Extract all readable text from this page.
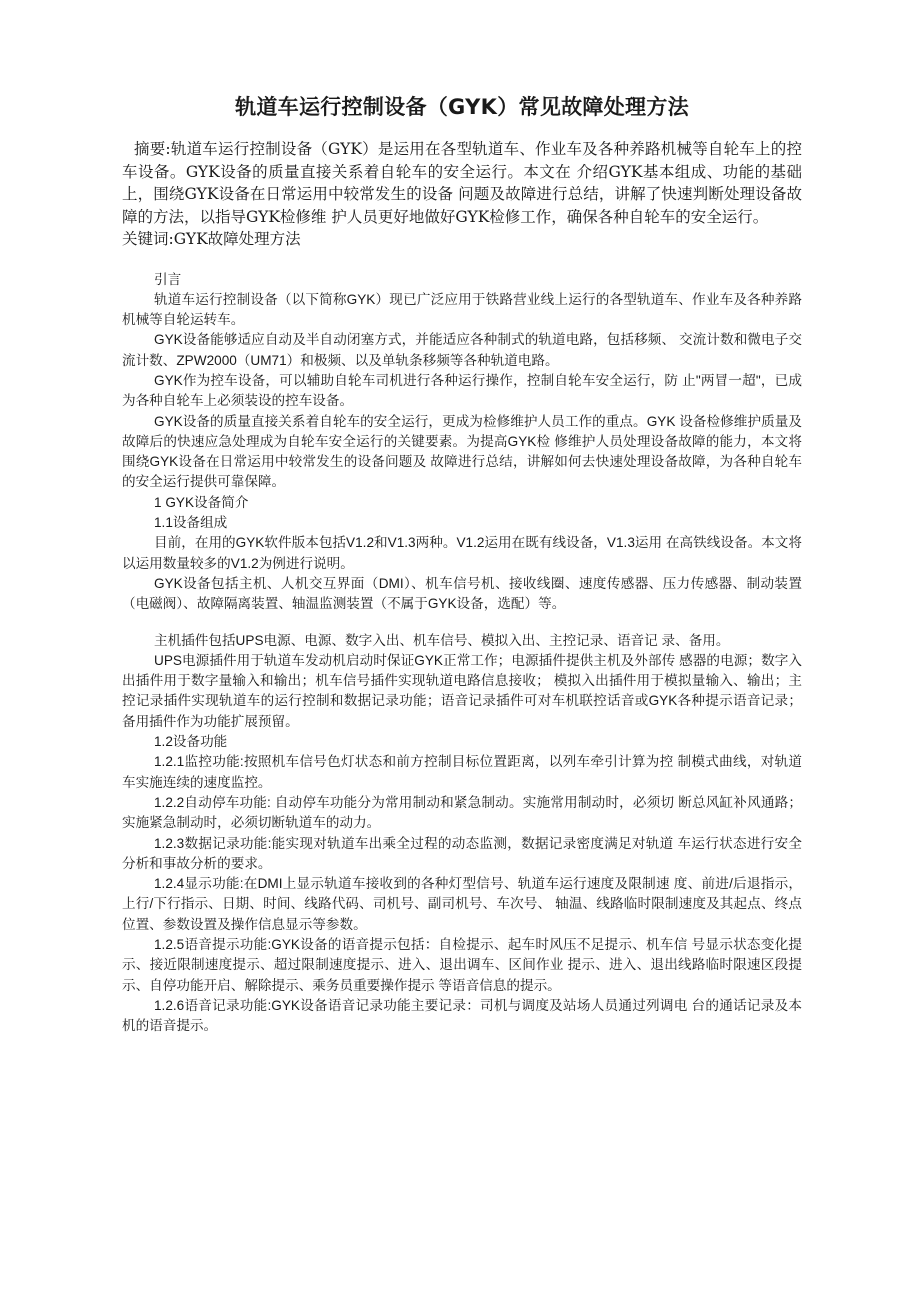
轨道车运行控制设备（GYK）常见故障处理方法

摘要:轨道车运行控制设备（GYK）是运用在各型轨道车、作业车及各种养路机械等自轮车上的控车设备。GYK设备的质量直接关系着自轮车的安全运行。本文在 介绍GYK基本组成、功能的基础上，围绕GYK设备在日常运用中较常发生的设备 问题及故障进行总结，讲解了快速判断处理设备故障的方法，以指导GYK检修维 护人员更好地做好GYK检修工作，确保各种自轮车的安全运行。

关键词:GYK故障处理方法

引言

轨道车运行控制设备（以下简称GYK）现已广泛应用于铁路营业线上运行的各型轨道车、作业车及各种养路机械等自轮运转车。

GYK设备能够适应自动及半自动闭塞方式，并能适应各种制式的轨道电路，包括移频、 交流计数和微电子交流计数、ZPW2000（UM71）和极频、以及单轨条移频等各种轨道电路。

GYK作为控车设备，可以辅助自轮车司机进行各种运行操作，控制自轮车安全运行，防 止"两冒一超"，已成为各种自轮车上必须装设的控车设备。

GYK设备的质量直接关系着自轮车的安全运行，更成为检修维护人员工作的重点。GYK 设备检修维护质量及故障后的快速应急处理成为自轮车安全运行的关键要素。为提高GYK检 修维护人员处理设备故障的能力，本文将围绕GYK设备在日常运用中较常发生的设备问题及 故障进行总结，讲解如何去快速处理设备故障，为各种自轮车的安全运行提供可靠保障。

1 GYK设备简介

1.1设备组成

目前，在用的GYK软件版本包括V1.2和V1.3两种。V1.2运用在既有线设备，V1.3运用 在高铁线设备。本文将以运用数量较多的V1.2为例进行说明。

GYK设备包括主机、人机交互界面（DMI）、机车信号机、接收线圈、速度传感器、压力传感器、制动装置（电磁阀）、故障隔离装置、轴温监测装置（不属于GYK设备，选配）等。

主机插件包括UPS电源、电源、数字入出、机车信号、模拟入出、主控记录、语音记 录、备用。

UPS电源插件用于轨道车发动机启动时保证GYK正常工作；电源插件提供主机及外部传 感器的电源；数字入出插件用于数字量输入和输出；机车信号插件实现轨道电路信息接收； 模拟入出插件用于模拟量输入、输出；主控记录插件实现轨道车的运行控制和数据记录功能；语音记录插件可对车机联控话音或GYK各种提示语音记录；备用插件作为功能扩展预留。

1.2设备功能

1.2.1监控功能:按照机车信号色灯状态和前方控制目标位置距离，以列车牵引计算为控 制模式曲线，对轨道车实施连续的速度监控。

1.2.2自动停车功能: 自动停车功能分为常用制动和紧急制动。实施常用制动时，必须切 断总风缸补风通路；实施紧急制动时，必须切断轨道车的动力。

1.2.3数据记录功能:能实现对轨道车出乘全过程的动态监测，数据记录密度满足对轨道 车运行状态进行安全分析和事故分析的要求。

1.2.4显示功能:在DMI上显示轨道车接收到的各种灯型信号、轨道车运行速度及限制速 度、前进/后退指示，上行/下行指示、日期、时间、线路代码、司机号、副司机号、车次号、 轴温、线路临时限制速度及其起点、终点位置、参数设置及操作信息显示等参数。

1.2.5语音提示功能:GYK设备的语音提示包括：自检提示、起车时风压不足提示、机车信 号显示状态变化提示、接近限制速度提示、超过限制速度提示、进入、退出调车、区间作业 提示、进入、退出线路临时限速区段提示、自停功能开启、解除提示、乘务员重要操作提示 等语音信息的提示。

1.2.6语音记录功能:GYK设备语音记录功能主要记录：司机与调度及站场人员通过列调电 台的通话记录及本机的语音提示。
